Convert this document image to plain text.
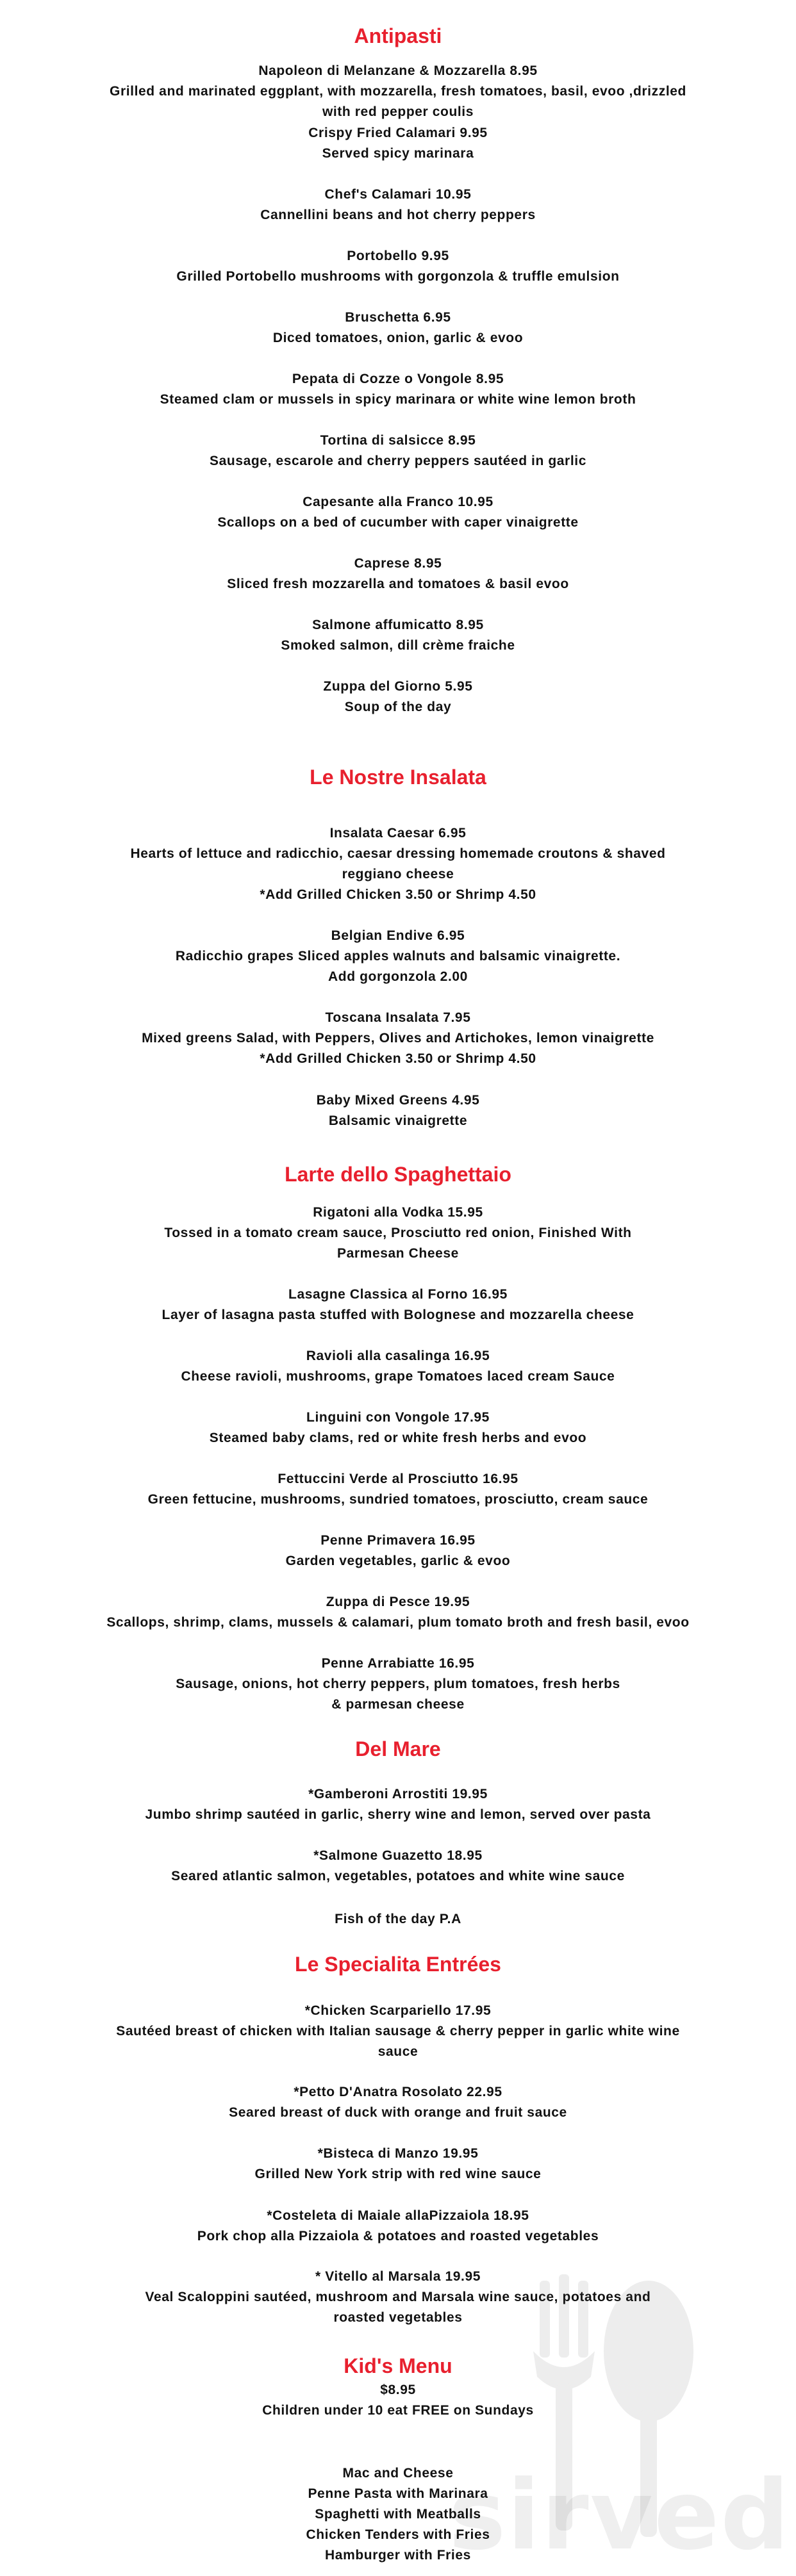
Antipasti
Napoleon di Melanzane & Mozzarella 8.95
Grilled and marinated eggplant, with mozzarella, fresh tomatoes, basil, evoo ,drizzled
with red pepper coulis
Crispy Fried Calamari 9.95
Served spicy marinara
Chef's Calamari 10.95
Cannellini beans and hot cherry peppers
Portobello 9.95
Grilled Portobello mushrooms with gorgonzola & truffle emulsion
Bruschetta 6.95
Diced tomatoes, onion, garlic & evoo
Pepata di Cozze o Vongole 8.95
Steamed clam or mussels in spicy marinara or white wine lemon broth
Tortina di salsicce 8.95
Sausage, escarole and cherry peppers sautéed in garlic
Capesante alla Franco 10.95
Scallops on a bed of cucumber with caper vinaigrette
Caprese 8.95
Sliced fresh mozzarella and tomatoes & basil evoo
Salmone affumicatto 8.95
Smoked salmon, dill crème fraiche
Zuppa del Giorno 5.95
Soup of the day
Le Nostre Insalata
Insalata Caesar 6.95
Hearts of lettuce and radicchio, caesar dressing homemade croutons & shaved
reggiano cheese
*Add Grilled Chicken 3.50 or Shrimp 4.50
Belgian Endive 6.95
Radicchio grapes Sliced apples walnuts and balsamic vinaigrette.
Add gorgonzola 2.00
Toscana Insalata 7.95
Mixed greens Salad, with Peppers, Olives and Artichokes, lemon vinaigrette
*Add Grilled Chicken 3.50 or Shrimp 4.50
Baby Mixed Greens 4.95
Balsamic vinaigrette
Larte dello Spaghettaio
Rigatoni alla Vodka 15.95
Tossed in a tomato cream sauce, Prosciutto red onion, Finished With
Parmesan Cheese
Lasagne Classica al Forno 16.95
Layer of lasagna pasta stuffed with Bolognese and mozzarella cheese
Ravioli alla casalinga 16.95
Cheese ravioli, mushrooms, grape Tomatoes laced cream Sauce
Linguini con Vongole 17.95
Steamed baby clams, red or white fresh herbs and evoo
Fettuccini Verde al Prosciutto 16.95
Green fettucine, mushrooms, sundried tomatoes, prosciutto, cream sauce
Penne Primavera 16.95
Garden vegetables, garlic & evoo
Zuppa di Pesce 19.95
Scallops, shrimp, clams, mussels & calamari, plum tomato broth and fresh basil, evoo
Penne Arrabiatte 16.95
Sausage, onions, hot cherry peppers, plum tomatoes, fresh herbs
& parmesan cheese
Del Mare
*Gamberoni Arrostiti 19.95
Jumbo shrimp sautéed in garlic, sherry wine and lemon, served over pasta
*Salmone Guazetto 18.95
Seared atlantic salmon, vegetables, potatoes and white wine sauce
Fish of the day P.A
Le Specialita Entrées
*Chicken Scarpariello 17.95
Sautéed breast of chicken with Italian sausage & cherry pepper in garlic white wine
sauce
*Petto D'Anatra Rosolato 22.95
Seared breast of duck with orange and fruit sauce
*Bisteca di Manzo 19.95
Grilled New York strip with red wine sauce
*Costeleta di Maiale allaPizzaiola 18.95
Pork chop alla Pizzaiola & potatoes and roasted vegetables
* Vitello al Marsala 19.95
Veal Scaloppini sautéed, mushroom and Marsala wine sauce, potatoes and
roasted vegetables
Kid's Menu
$8.95
Children under 10 eat FREE on Sundays
Mac and Cheese
Penne Pasta with Marinara
Spaghetti with Meatballs
Chicken Tenders with Fries
Hamburger with Fries
sirved
